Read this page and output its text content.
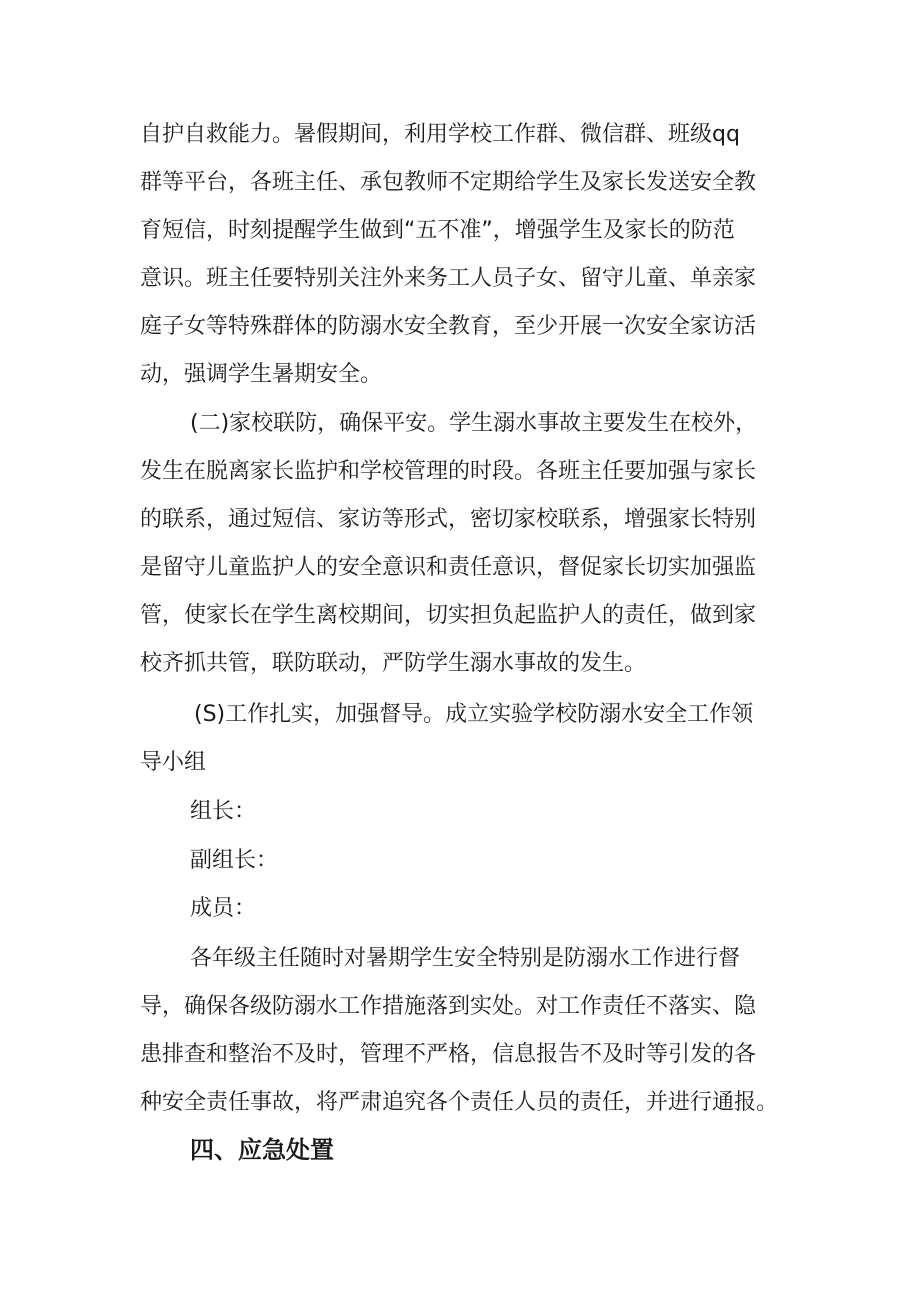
自护自救能力。暑假期间，利用学校工作群、微信群、班级qq
群等平台，各班主任、承包教师不定期给学生及家长发送安全教
育短信，时刻提醒学生做到“五不准”，增强学生及家长的防范
意识。班主任要特别关注外来务工人员子女、留守儿童、单亲家
庭子女等特殊群体的防溺水安全教育，至少开展一次安全家访活
动，强调学生暑期安全。
(二)家校联防，确保平安。学生溺水事故主要发生在校外，
发生在脱离家长监护和学校管理的时段。各班主任要加强与家长
的联系，通过短信、家访等形式，密切家校联系，增强家长特别
是留守儿童监护人的安全意识和责任意识，督促家长切实加强监
管，使家长在学生离校期间，切实担负起监护人的责任，做到家
校齐抓共管，联防联动，严防学生溺水事故的发生。
(S)工作扎实，加强督导。成立实验学校防溺水安全工作领
导小组
组长：
副组长：
成员：
各年级主任随时对暑期学生安全特别是防溺水工作进行督
导，确保各级防溺水工作措施落到实处。对工作责任不落实、隐
患排查和整治不及时，管理不严格，信息报告不及时等引发的各
种安全责任事故，将严肃追究各个责任人员的责任，并进行通报。
四、应急处置
